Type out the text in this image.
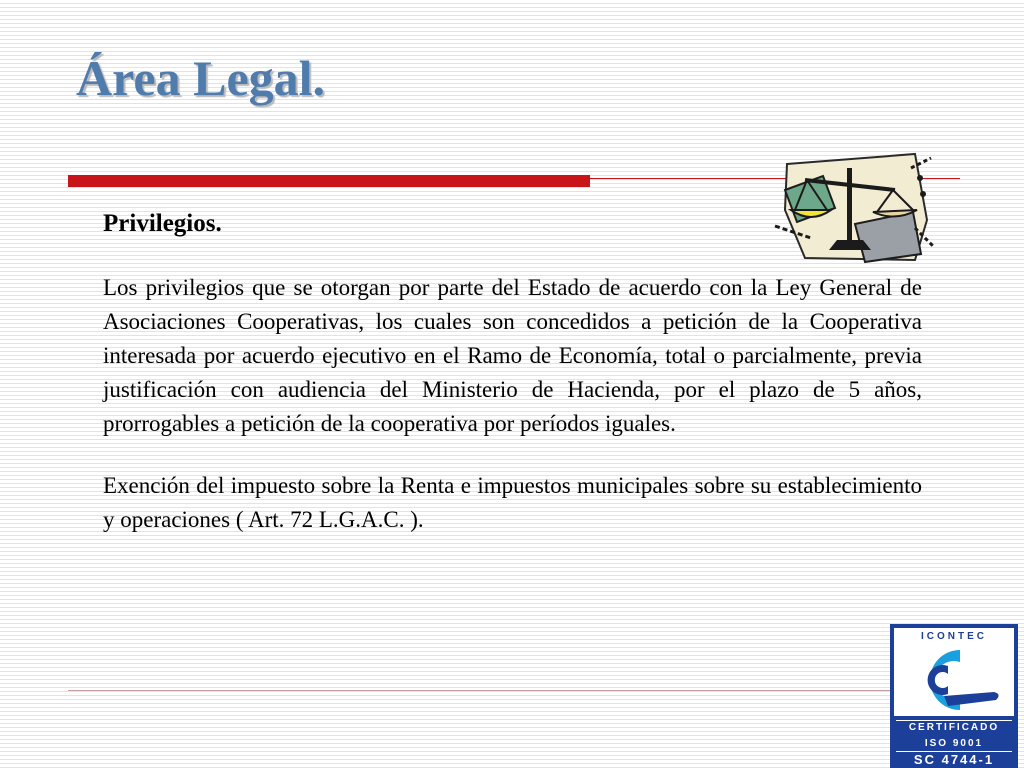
Área Legal.
Privilegios.

Los privilegios que se otorgan por parte del Estado de acuerdo con la Ley General de Asociaciones Cooperativas, los cuales son concedidos a petición de la Cooperativa interesada por acuerdo ejecutivo en el Ramo de Economía, total o parcialmente, previa justificación con audiencia del Ministerio de Hacienda, por el plazo de 5 años, prorrogables a petición de la cooperativa por períodos iguales.

Exención del impuesto sobre la Renta e impuestos municipales sobre su establecimiento y operaciones ( Art. 72 L.G.A.C. ).

ICONTEC
CERTIFICADO
ISO 9001
SC 4744-1
